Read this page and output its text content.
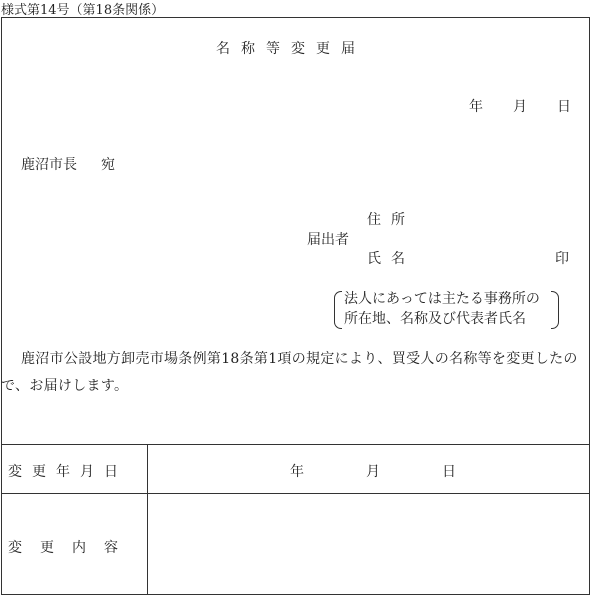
様式第14号（第18条関係）
名称等変更届
年 月 日
鹿沼市長 宛
住所
届出者
氏名	印
法人にあっては主たる事務所の
所在地、名称及び代表者氏名
鹿沼市公設地方卸売市場条例第18条第1項の規定により、買受人の名称等を変更したので、お届けします。
変更年月日	年	月	日
変更内容
